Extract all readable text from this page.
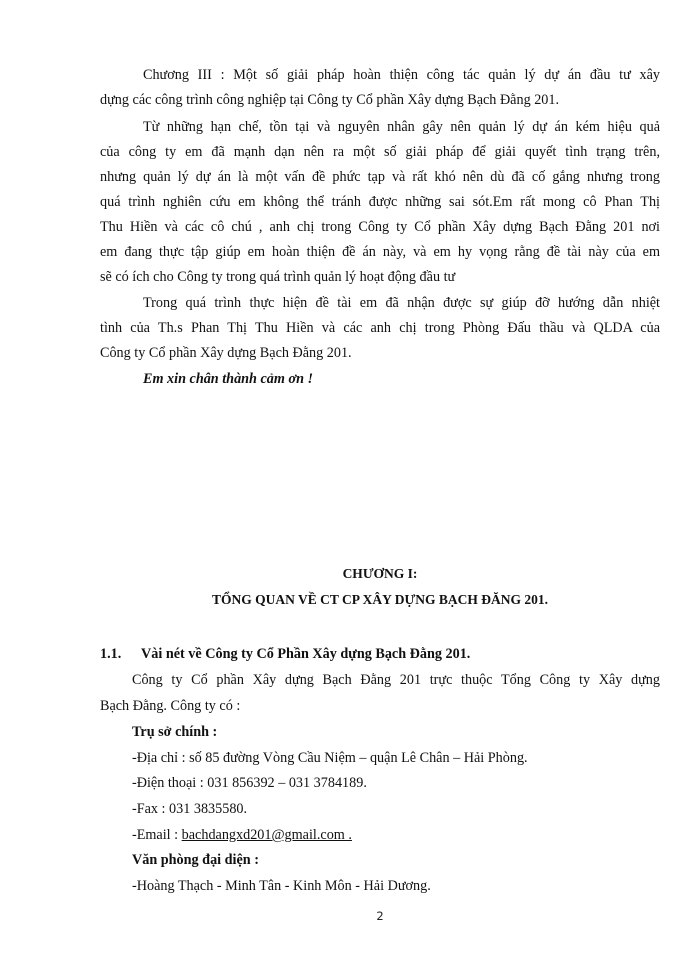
Chương III : Một số giải pháp hoàn thiện công tác quản lý dự án đầu tư xây
dựng các công trình công nghiệp tại Công ty Cổ phần Xây dựng Bạch Đằng 201.
Từ những hạn chế, tồn tại và nguyên nhân gây nên quản lý dự án kém hiệu quả
của công ty em đã mạnh dạn nên ra một số giải pháp để giải quyết tình trạng trên,
nhưng quản lý dự án là một vấn đề phức tạp và rất khó nên dù đã cố gắng nhưng trong
quá trình nghiên cứu em không thể tránh được những sai sót.Em rất mong cô Phan Thị
Thu Hiền và các cô chú , anh chị trong Công ty Cổ phần Xây dựng Bạch Đằng 201 nơi
em đang thực tập giúp em hoàn thiện đề án này, và em hy vọng rằng đề tài này của em
sẽ có ích cho Công ty trong quá trình quản lý hoạt động đầu tư
Trong quá trình thực hiện đề tài em đã nhận được sự giúp đỡ hướng dẫn nhiệt
tình của Th.s Phan Thị Thu Hiền và các anh chị trong Phòng Đấu thầu và QLDA của
Công ty Cổ phần Xây dựng Bạch Đằng 201.
Em xin chân thành cảm ơn !
CHƯƠNG I:
TỔNG QUAN VỀ CT CP XÂY DỰNG BẠCH ĐĂNG 201.
1.1. Vài nét về Công ty Cổ Phần Xây dựng Bạch Đằng 201.
Công ty Cổ phần Xây dựng Bạch Đằng 201 trực thuộc Tổng Công ty Xây dựng
Bạch Đằng. Công ty có :
Trụ sở chính :
-Địa chỉ : số 85 đường Vòng Cầu Niệm – quận Lê Chân – Hải Phòng.
-Điện thoại : 031 856392 – 031 3784189.
-Fax : 031 3835580.
-Email : bachdangxd201@gmail.com .
Văn phòng đại diện :
-Hoàng Thạch - Minh Tân - Kinh Môn - Hải Dương.
2
